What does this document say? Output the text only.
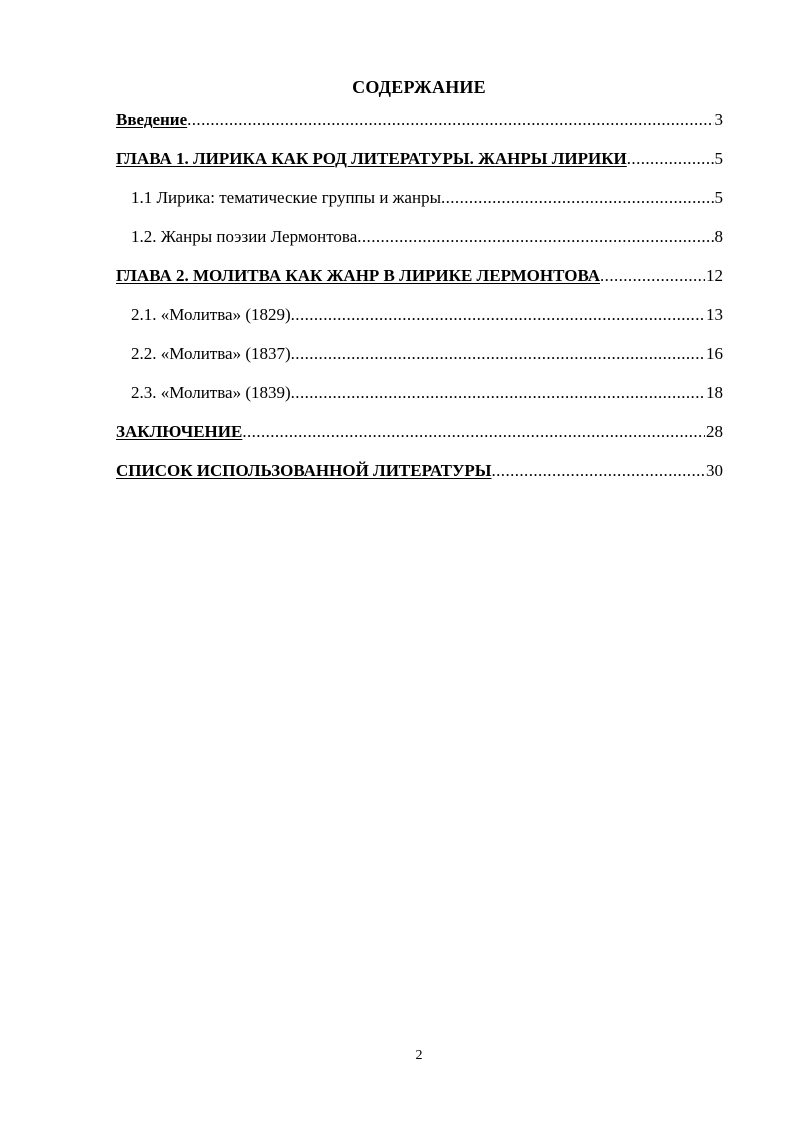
СОДЕРЖАНИЕ
Введение .....	3
ГЛАВА 1. ЛИРИКА КАК РОД ЛИТЕРАТУРЫ. ЖАНРЫ ЛИРИКИ .....	5
1.1 Лирика: тематические группы и жанры .....	5
1.2. Жанры поэзии Лермонтова .....	8
ГЛАВА 2. МОЛИТВА КАК ЖАНР В ЛИРИКЕ ЛЕРМОНТОВА .....	12
2.1. «Молитва» (1829) .....	13
2.2. «Молитва» (1837) .....	16
2.3. «Молитва» (1839) .....	18
ЗАКЛЮЧЕНИЕ .....	28
СПИСОК ИСПОЛЬЗОВАННОЙ ЛИТЕРАТУРЫ .....	30
2
